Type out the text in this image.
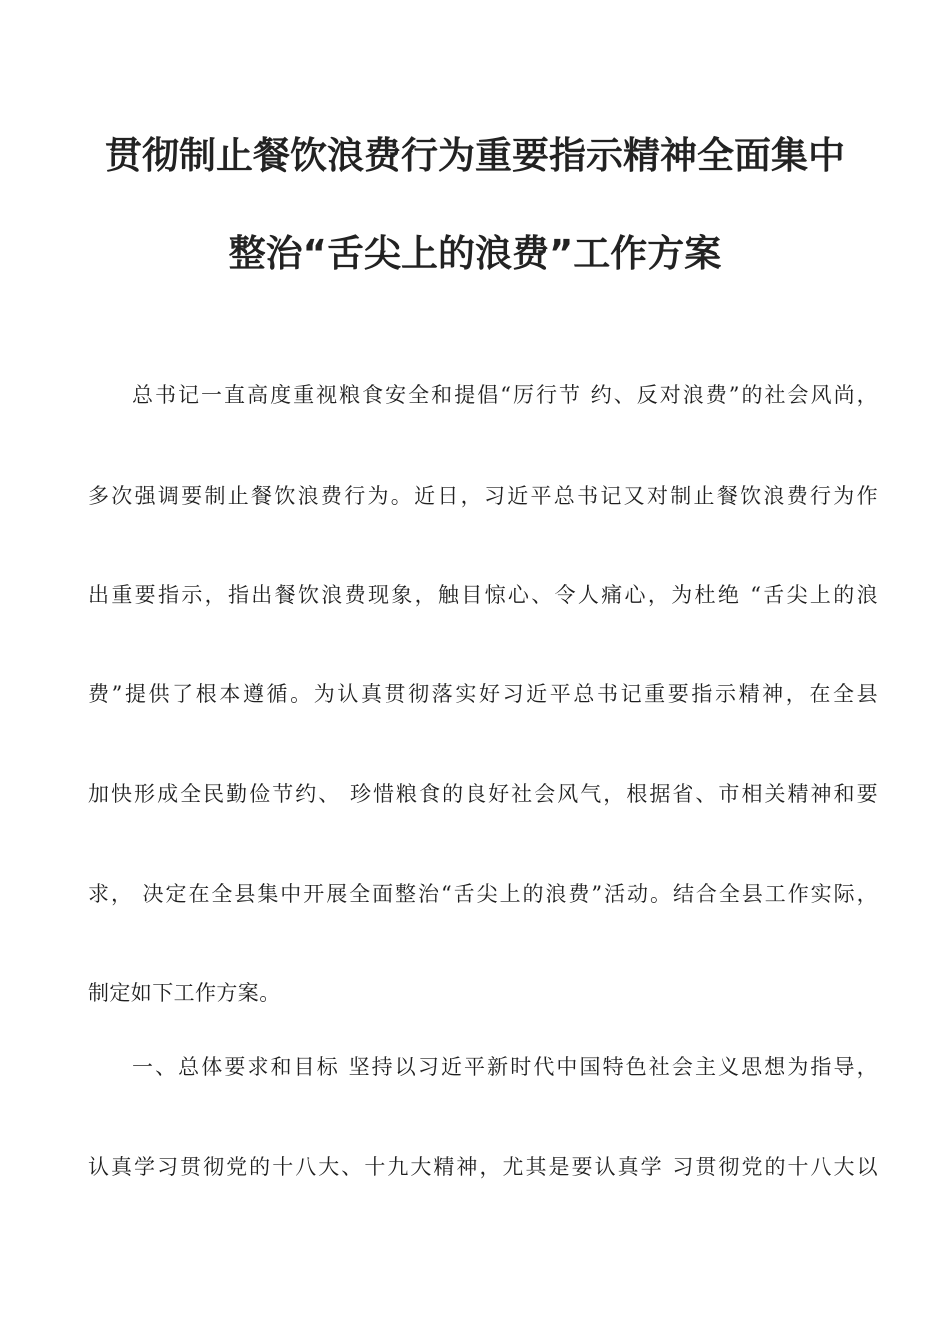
贯彻制止餐饮浪费行为重要指示精神全面集中
整治“舌尖上的浪费”工作方案
总书记一直高度重视粮食安全和提倡“厉行节 约、反对浪费”的社会风尚，
多次强调要制止餐饮浪费行为。近日，习近平总书记又对制止餐饮浪费行为作
出重要指示，指出餐饮浪费现象，触目惊心、令人痛心，为杜绝 “舌尖上的浪
费”提供了根本遵循。为认真贯彻落实好习近平总书记重要指示精神，在全县
加快形成全民勤俭节约、 珍惜粮食的良好社会风气，根据省、市相关精神和要
求， 决定在全县集中开展全面整治“舌尖上的浪费”活动。结合全县工作实际，
制定如下工作方案。
一、总体要求和目标 坚持以习近平新时代中国特色社会主义思想为指导，
认真学习贯彻党的十八大、十九大精神，尤其是要认真学 习贯彻党的十八大以
